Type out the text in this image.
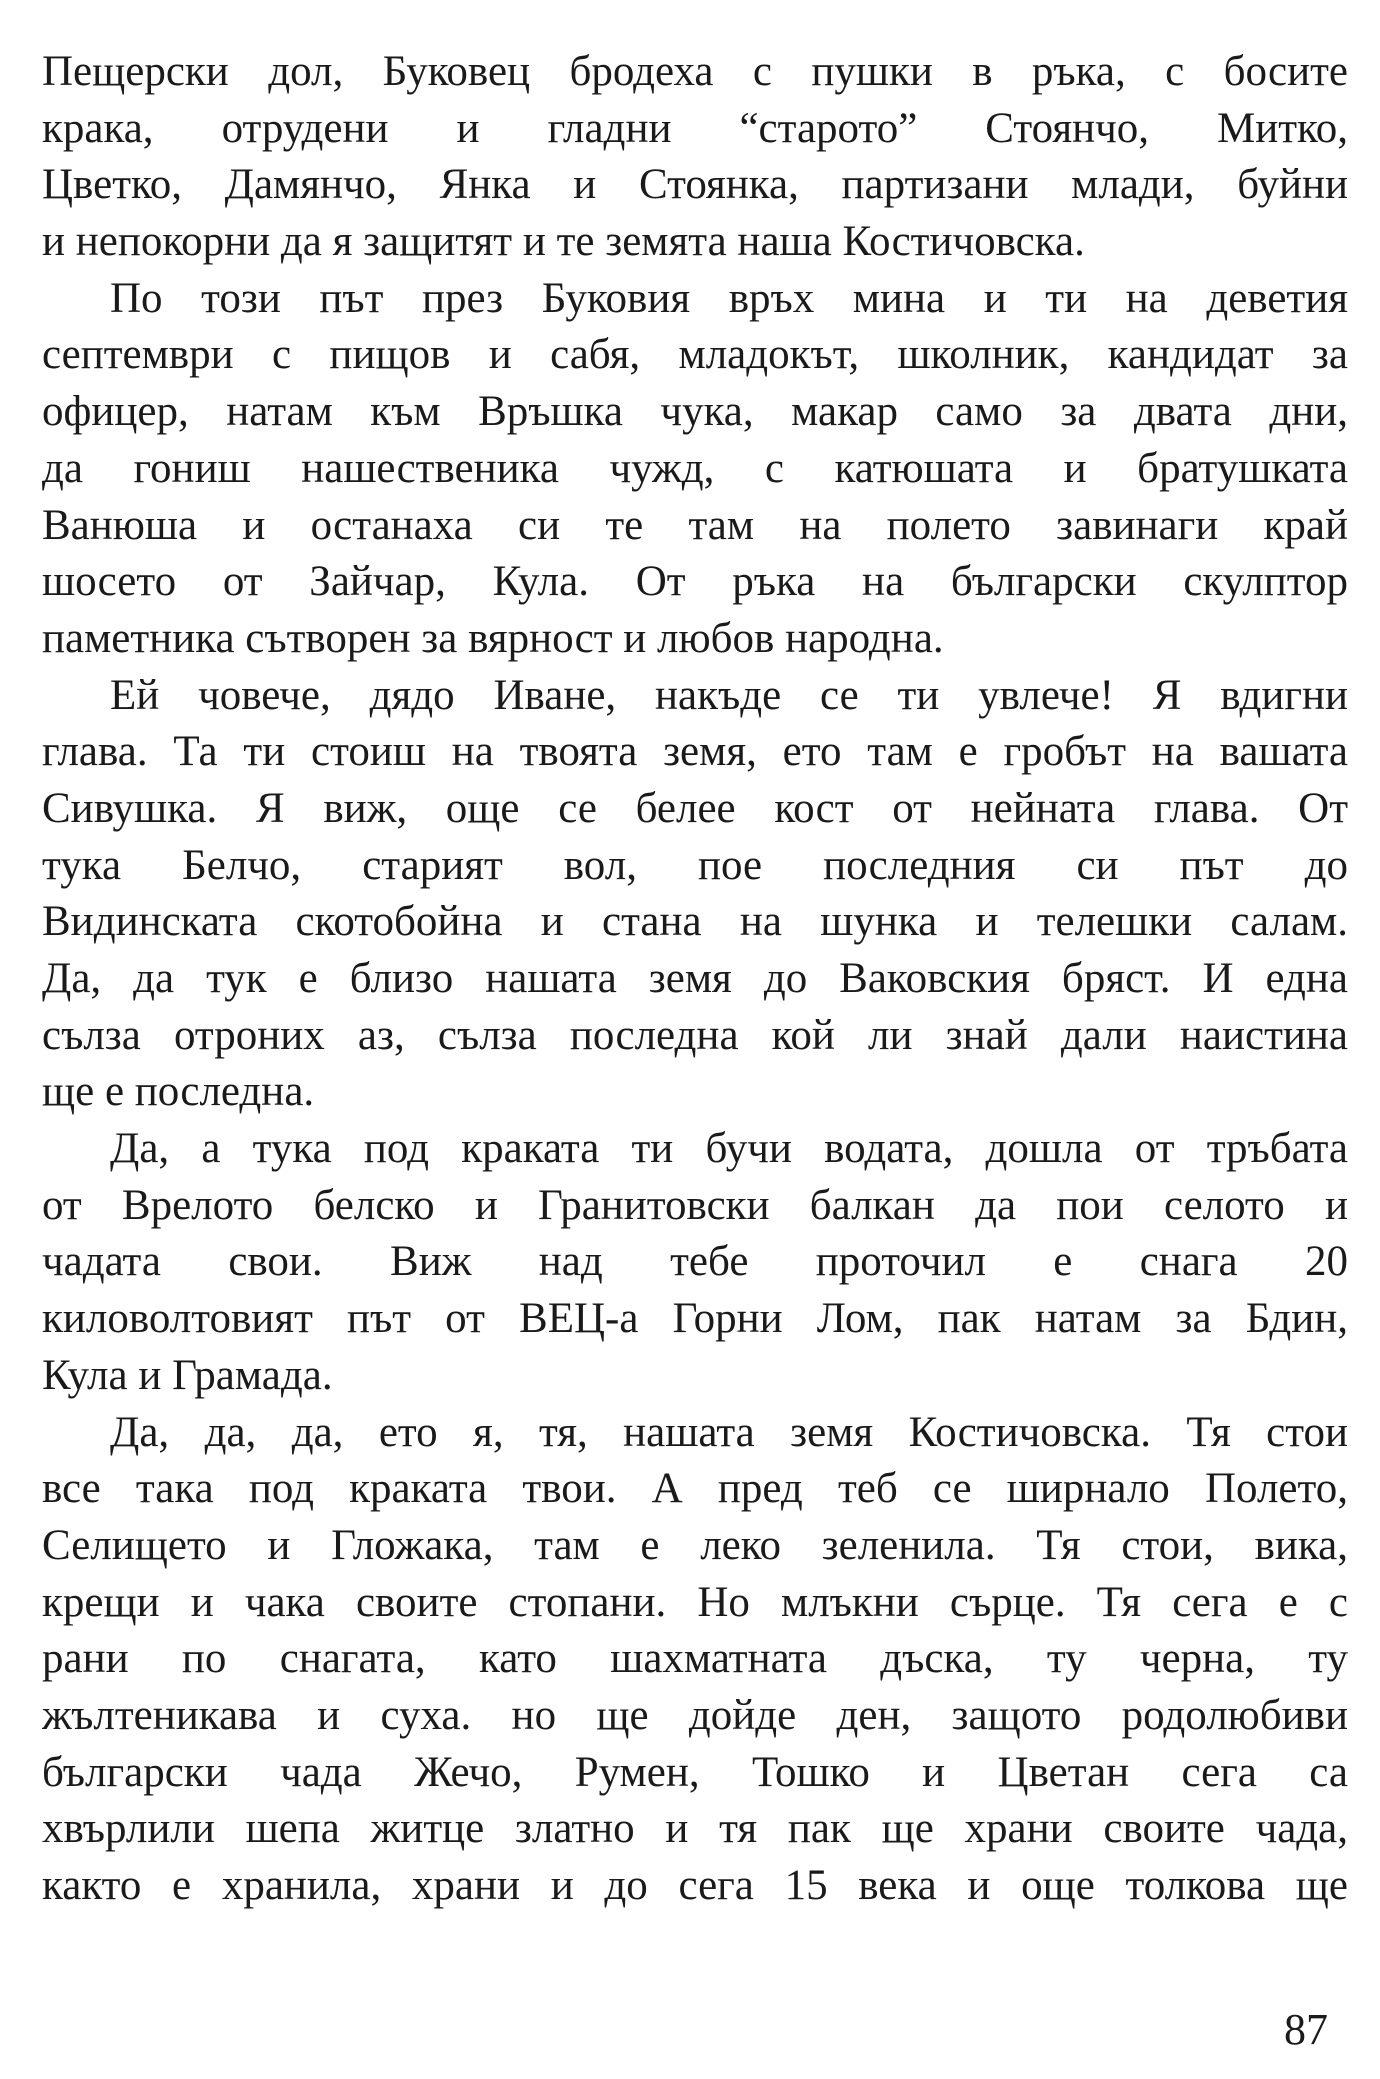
Пещерски дол, Буковец бродеха с пушки в ръка, с босите
крака, отрудени и гладни “старото” Стоянчо, Митко,
Цветко, Дамянчо, Янка и Стоянка, партизани млади, буйни
и непокорни да я защитят и те земята наша Костичовска.
По този път през Буковия връх мина и ти на деветия
септември с пищов и сабя, младокът, школник, кандидат за
офицер, натам към Връшка чука, макар само за двата дни,
да гониш нашественика чужд, с катюшата и братушката
Ванюша и останаха си те там на полето завинаги край
шосето от Зайчар, Кула. От ръка на български скулптор
паметника сътворен за вярност и любов народна.
Ей човече, дядо Иване, накъде се ти увлече! Я вдигни
глава. Та ти стоиш на твоята земя, ето там е гробът на вашата
Сивушка. Я виж, още се белее кост от нейната глава. От
тука Белчо, старият вол, пое последния си път до
Видинската скотобойна и стана на шунка и телешки салам.
Да, да тук е близо нашата земя до Ваковския бряст. И една
сълза отроних аз, сълза последна кой ли знай дали наистина
ще е последна.
Да, а тука под краката ти бучи водата, дошла от тръбата
от Врелото белско и Гранитовски балкан да пои селото и
чадата свои. Виж над тебе проточил е снага 20
киловолтовият път от ВЕЦ-а Горни Лом, пак натам за Бдин,
Кула и Грамада.
Да, да, да, ето я, тя, нашата земя Костичовска. Тя стои
все така под краката твои. А пред теб се ширнало Полето,
Селището и Гложака, там е леко зеленила. Тя стои, вика,
крещи и чака своите стопани. Но млъкни сърце. Тя сега е с
рани по снагата, като шахматната дъска, ту черна, ту
жълтеникава и суха. но ще дойде ден, защото родолюбиви
български чада Жечо, Румен, Тошко и Цветан сега са
хвърлили шепа житце златно и тя пак ще храни своите чада,
както е хранила, храни и до сега 15 века и още толкова ще
87
